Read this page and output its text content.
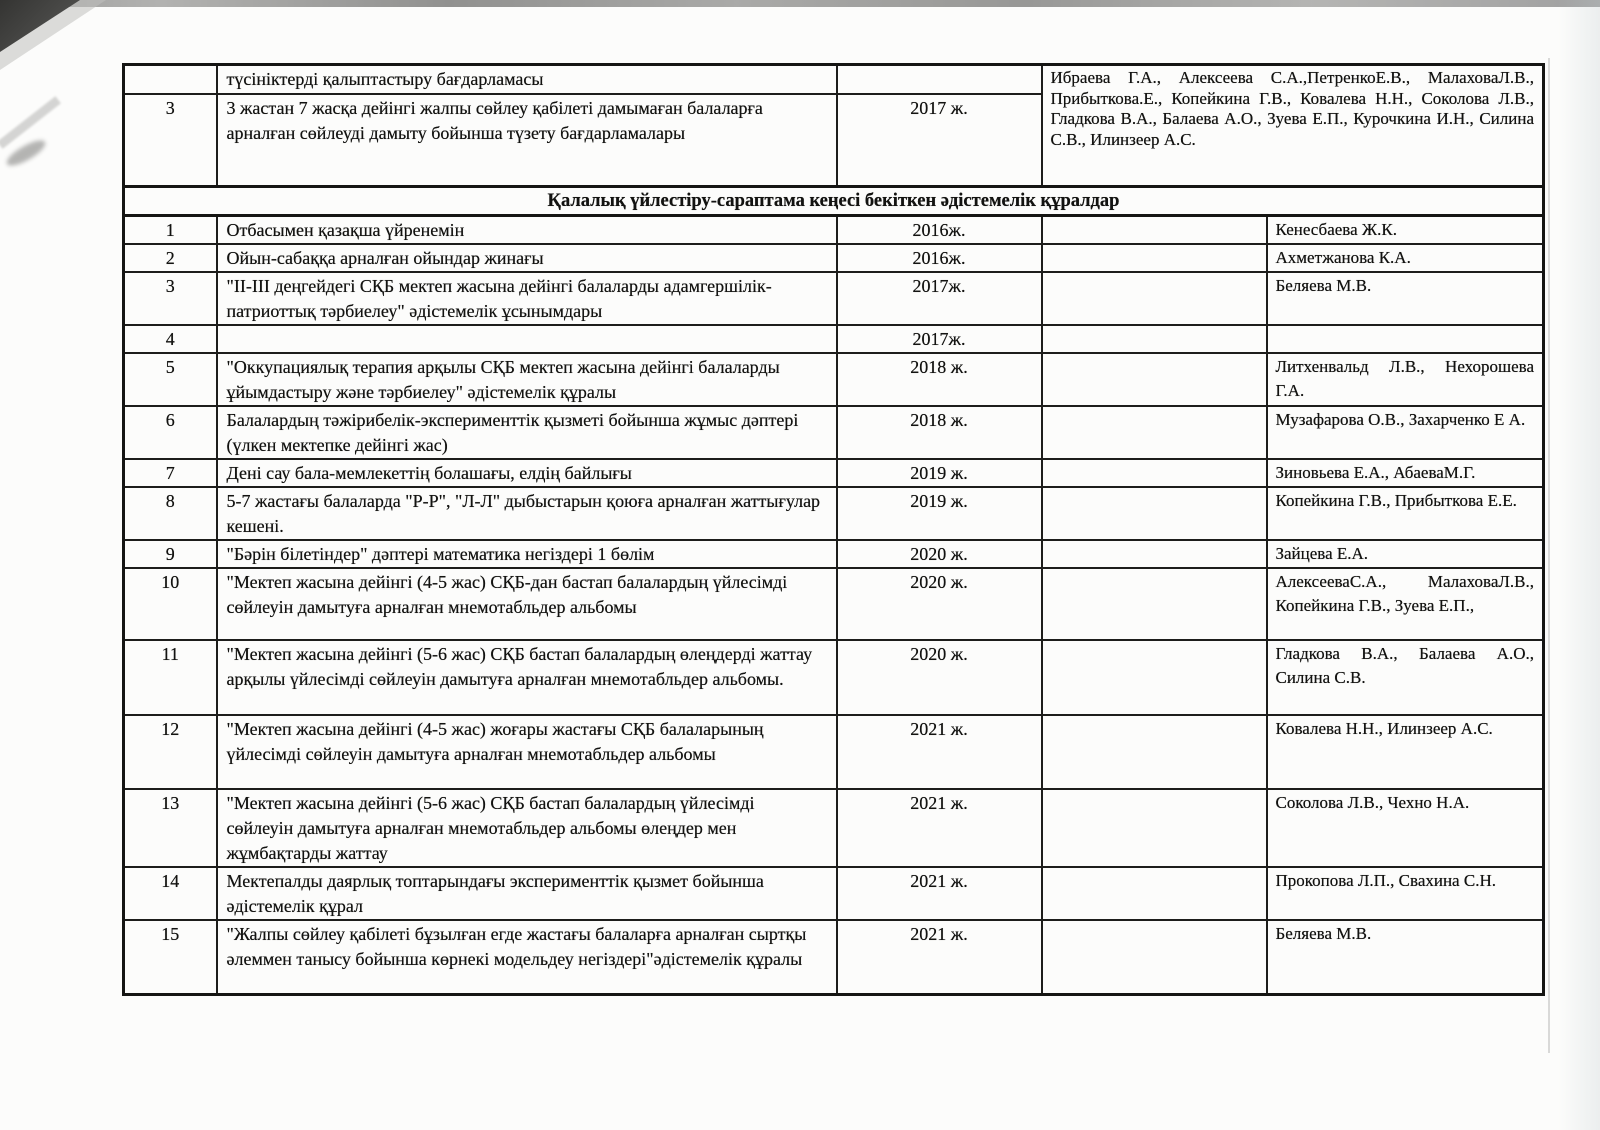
	түсініктерді қалыптастыру бағдарламасы		Ибраева Г.А., Алексеева С.А.,ПетренкоЕ.В., МалаховаЛ.В., Прибыткова.Е., Копейкина Г.В., Ковалева Н.Н., Соколова Л.В., Гладкова В.А., Балаева А.О., Зуева Е.П., Курочкина И.Н., Силина С.В., Илинзеер А.С.	
3	3 жастан 7 жасқа дейінгі жалпы сөйлеу қабілеті дамымаған балаларға арналған сөйлеуді дамыту бойынша түзету бағдарламалары	2017 ж.		
Қалалық үйлестіру-сараптама кеңесі бекіткен әдістемелік құралдар				
1	Отбасымен қазақша үйренемін	2016ж.		Кенесбаева Ж.К.
2	Ойын-сабаққа арналған ойындар жинағы	2016ж.		Ахметжанова К.А.
3	"II-III деңгейдегі СҚБ мектеп жасына дейінгі балаларды адамгершілік-патриоттық тәрбиелеу" әдістемелік ұсынымдары	2017ж.		Беляева М.В.
4		2017ж.		
5	"Оккупациялық терапия арқылы СҚБ мектеп жасына дейінгі балаларды ұйымдастыру және тәрбиелеу" әдістемелік құралы	2018 ж.		Литхенвальд Л.В., Нехорошева Г.А.
6	Балалардың тәжірибелік-эксперименттік қызметі бойынша жұмыс дәптері (үлкен мектепке дейінгі жас)	2018 ж.		Музафарова О.В., Захарченко Е А.
7	Дені сау бала-мемлекеттің болашағы, елдің байлығы	2019 ж.		Зиновьева Е.А., АбаеваМ.Г.
8	5-7 жастағы балаларда "Р-Р", "Л-Л" дыбыстарын қоюға арналған жаттығулар кешені.	2019 ж.		Копейкина Г.В., Прибыткова Е.Е.
9	"Бәрін білетіндер" дәптері математика негіздері 1 бөлім	2020 ж.		Зайцева Е.А.
10	"Мектеп жасына дейінгі (4-5 жас) СҚБ-дан бастап балалардың үйлесімді сөйлеуін дамытуға арналған мнемотабльдер альбомы	2020 ж.		АлексееваС.А., МалаховаЛ.В., Копейкина Г.В., Зуева Е.П.,
11	"Мектеп жасына дейінгі (5-6 жас) СҚБ бастап балалардың өлеңдерді жаттау арқылы үйлесімді сөйлеуін дамытуға арналған мнемотабльдер альбомы.	2020 ж.		Гладкова В.А., Балаева А.О., Силина С.В.
12	"Мектеп жасына дейінгі (4-5 жас) жоғары жастағы СҚБ балаларының үйлесімді сөйлеуін дамытуға арналған мнемотабльдер альбомы	2021 ж.		Ковалева Н.Н., Илинзеер А.С.
13	"Мектеп жасына дейінгі (5-6 жас) СҚБ бастап балалардың үйлесімді сөйлеуін дамытуға арналған мнемотабльдер альбомы өлеңдер мен жұмбақтарды жаттау	2021 ж.		Соколова Л.В., Чехно Н.А.
14	Мектепалды даярлық топтарындағы эксперименттік қызмет бойынша әдістемелік құрал	2021 ж.		Прокопова Л.П., Свахина С.Н.
15	"Жалпы сөйлеу қабілеті бұзылған егде жастағы балаларға арналған сыртқы әлеммен танысу бойынша көрнекі модельдеу негіздері"әдістемелік құралы	2021 ж.		Беляева М.В.
